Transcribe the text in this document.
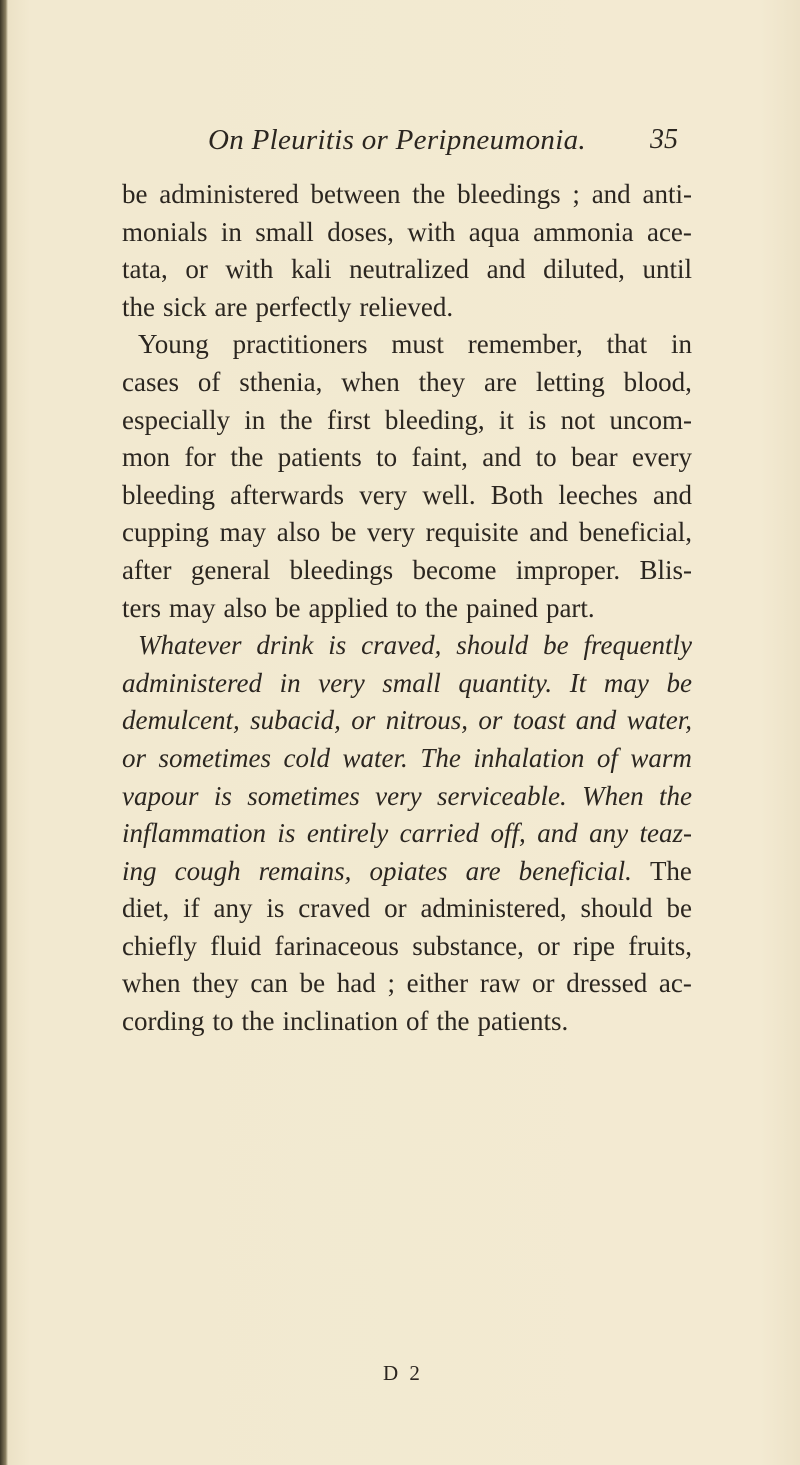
On Pleuritis or Peripneumonia. 35
be administered between the bleedings ; and anti-
monials in small doses, with aqua ammonia ace-
tata, or with kali neutralized and diluted, until
the sick are perfectly relieved.
Young practitioners must remember, that in
cases of sthenia, when they are letting blood,
especially in the first bleeding, it is not uncom-
mon for the patients to faint, and to bear every
bleeding afterwards very well. Both leeches and
cupping may also be very requisite and beneficial,
after general bleedings become improper. Blis-
ters may also be applied to the pained part.
Whatever drink is craved, should be frequently
administered in very small quantity. It may be
demulcent, subacid, or nitrous, or toast and water,
or sometimes cold water. The inhalation of warm
vapour is sometimes very serviceable. When the
inflammation is entirely carried off, and any teaz-
ing cough remains, opiates are beneficial. The
diet, if any is craved or administered, should be
chiefly fluid farinaceous substance, or ripe fruits,
when they can be had ; either raw or dressed ac-
cording to the inclination of the patients.
D 2
